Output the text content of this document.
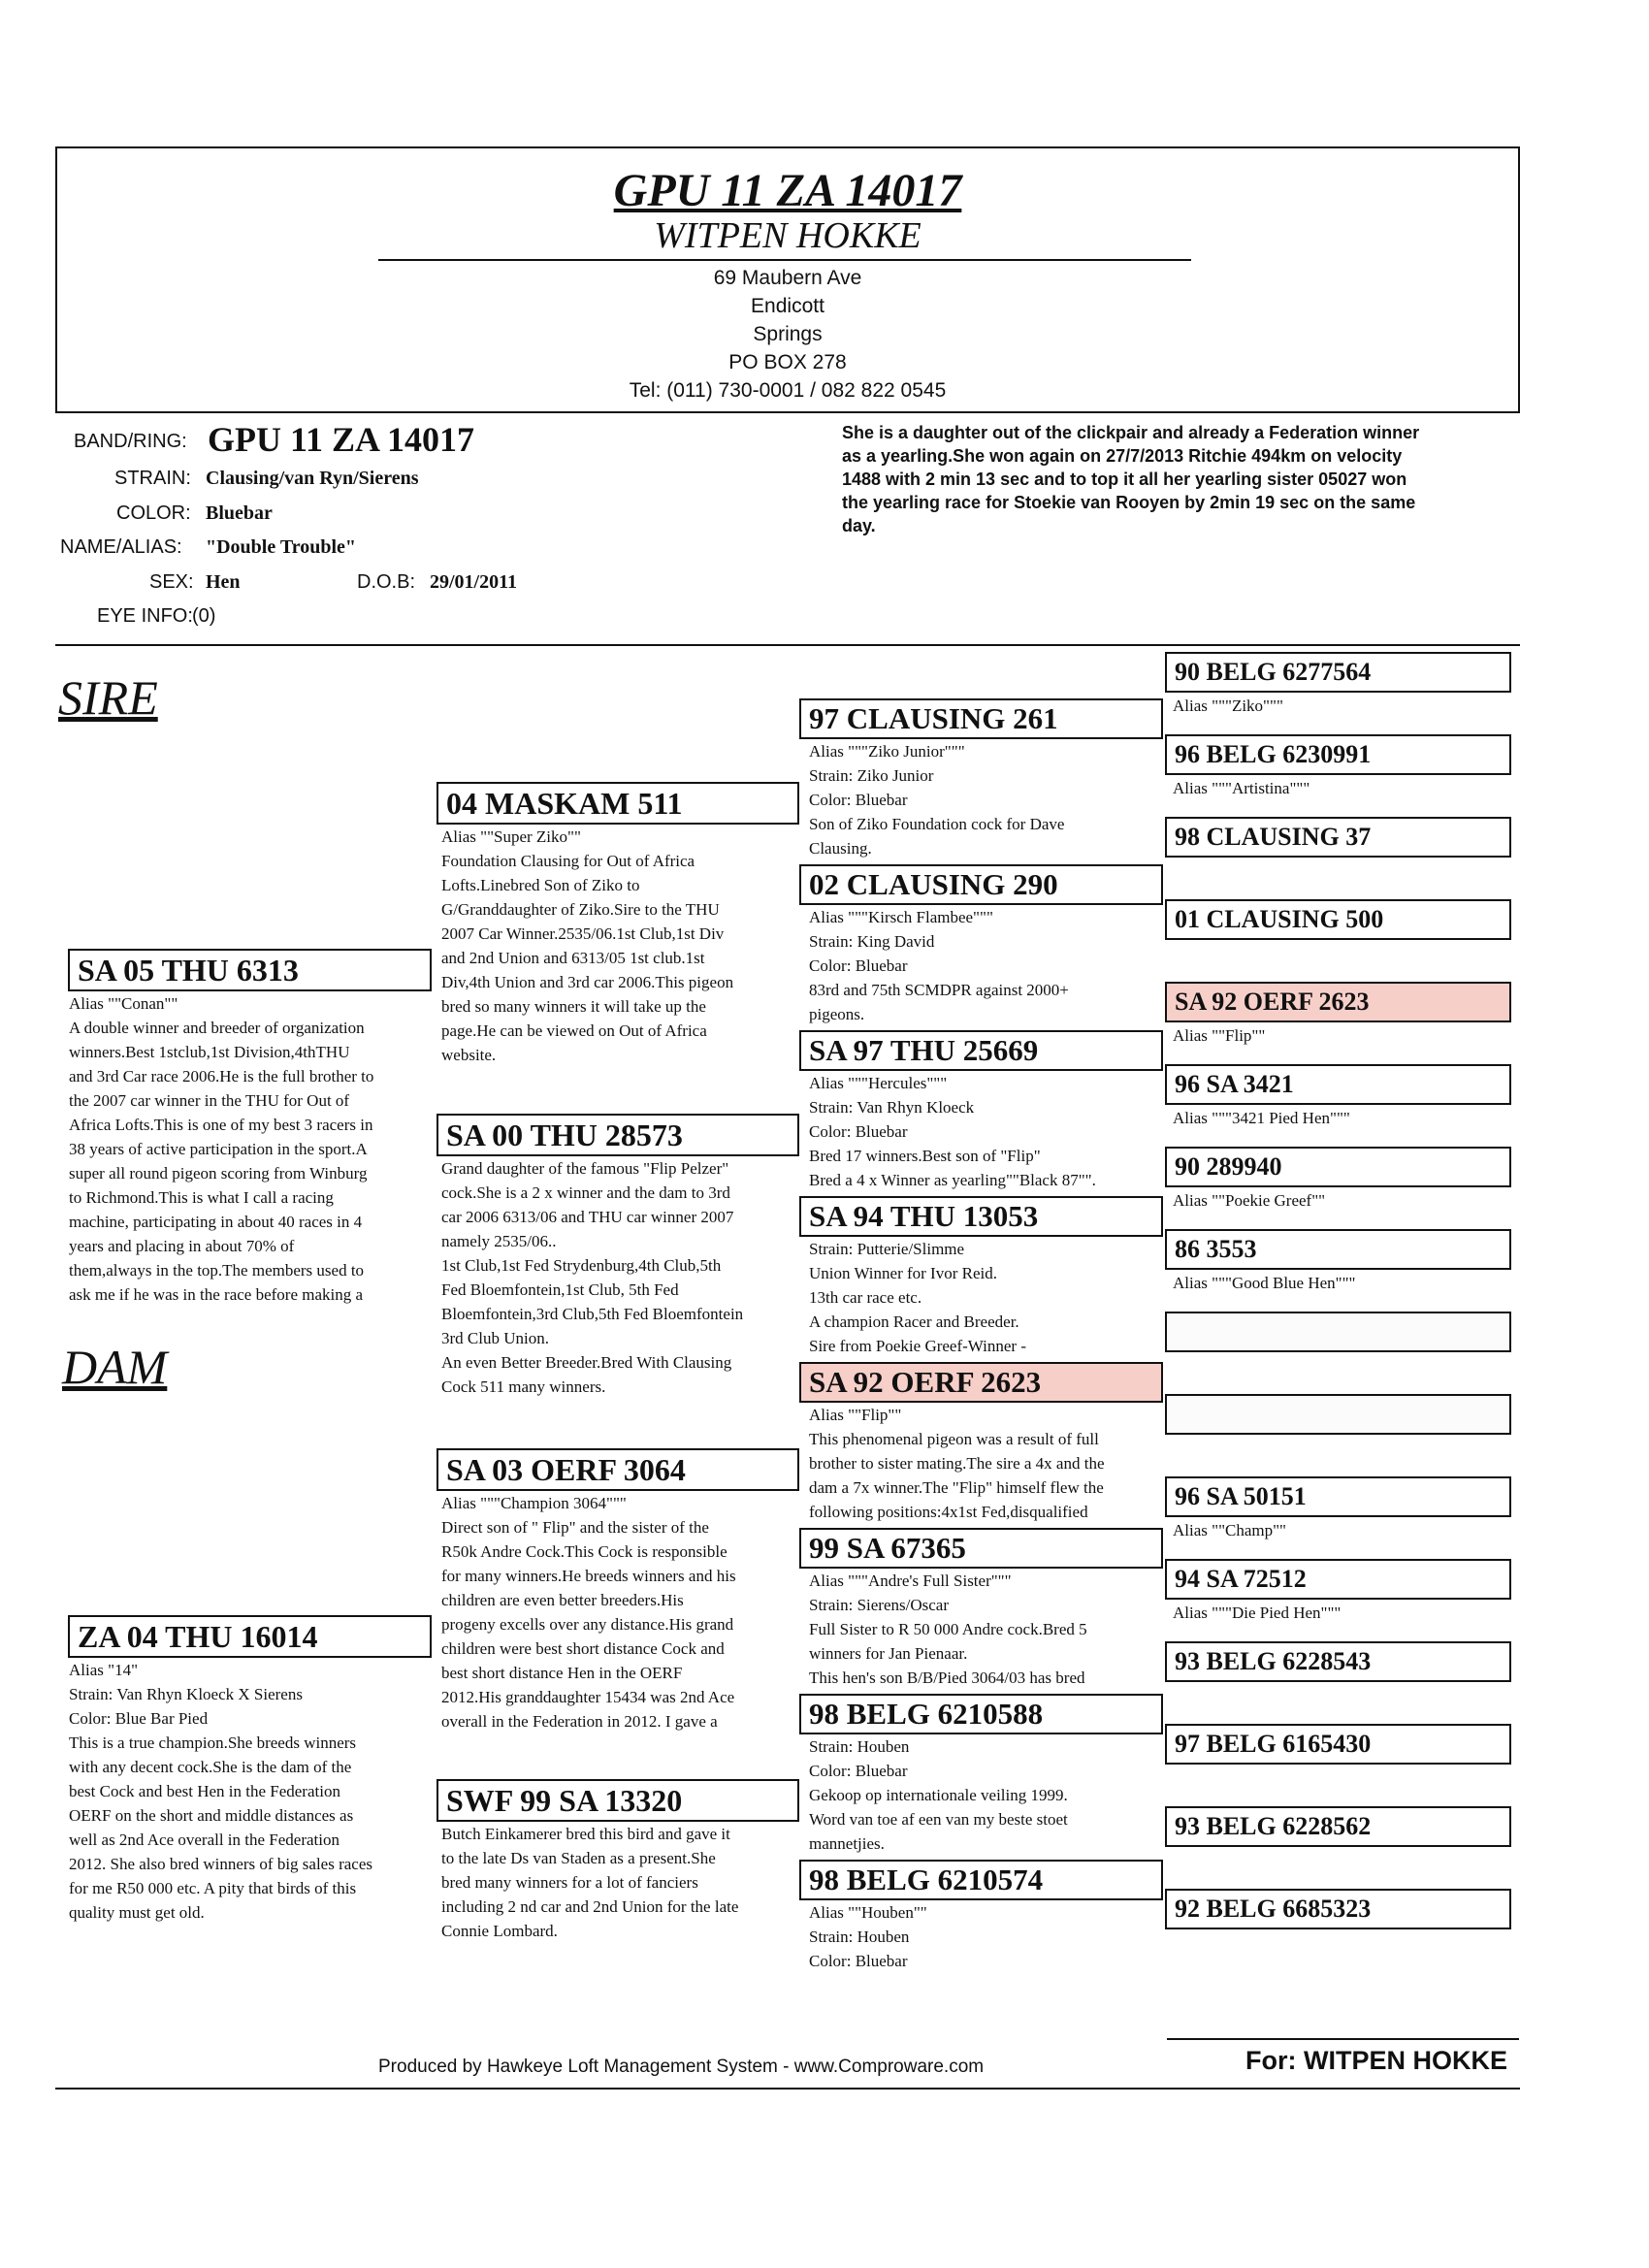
GPU 11 ZA 14017
WITPEN HOKKE
69 Maubern Ave
Endicott
Springs
PO BOX 278
Tel: (011) 730-0001 / 082 822 0545
BAND/RING: GPU 11 ZA 14017
STRAIN: Clausing/van Ryn/Sierens
COLOR: Bluebar
NAME/ALIAS: "Double Trouble"
SEX: Hen	D.O.B: 29/01/2011
EYE INFO: (0)
She is a daughter out of the clickpair and already a Federation winner
as a yearling.She won again on 27/7/2013 Ritchie 494km on velocity
1488 with 2 min 13 sec and to top it all her yearling sister 05027 won
the yearling race for Stoekie van Rooyen by 2min 19 sec on the same
day.
SIRE
DAM
SA 05 THU 6313
Alias ""Conan""
A double winner and breeder of organization
winners.Best 1stclub,1st Division,4thTHU
and 3rd Car race 2006.He is the full brother to
the 2007 car winner in the THU for Out of
Africa Lofts.This is one of my best 3 racers in
38 years of active participation in the sport.A
super all round pigeon scoring from Winburg
to Richmond.This is what I call a racing
machine, participating in about 40 races in 4
years and placing in about 70% of
them,always in the top.The members used to
ask me if he was in the race before making a
ZA 04 THU 16014
Alias "14"
Strain: Van Rhyn Kloeck X Sierens
Color: Blue Bar Pied
This is a true champion.She breeds winners
with any decent cock.She is the dam of the
best Cock and best Hen in the Federation
OERF on the short and middle distances as
well as 2nd Ace overall in the Federation
2012. She also bred winners of big sales races
for me R50 000 etc. A pity that birds of this
quality must get old.
04 MASKAM 511
Alias ""Super Ziko""
Foundation Clausing for Out of Africa
Lofts.Linebred Son of Ziko to
G/Granddaughter of Ziko.Sire to the THU
2007 Car Winner.2535/06.1st Club,1st Div
and 2nd Union and 6313/05 1st club.1st
Div,4th Union and 3rd car 2006.This pigeon
bred so many winners it will take up the
page.He can be viewed on Out of Africa
website.
SA 00 THU 28573
Grand daughter of the famous "Flip Pelzer"
cock.She is a 2 x winner and the dam to 3rd
car 2006 6313/06 and THU car winner 2007
namely 2535/06..
1st Club,1st Fed Strydenburg,4th Club,5th
Fed Bloemfontein,1st Club, 5th Fed
Bloemfontein,3rd Club,5th Fed Bloemfontein
3rd Club Union.
An even Better Breeder.Bred With Clausing
Cock 511 many winners.
SA 03 OERF 3064
Alias """Champion 3064"""
Direct son of " Flip" and the sister of the
R50k Andre Cock.This Cock is responsible
for many winners.He breeds winners and his
children are even better breeders.His
progeny excells over any distance.His grand
children were best short distance Cock and
best short distance Hen in the OERF
2012.His granddaughter 15434 was 2nd Ace
overall in the Federation in 2012. I gave a
SWF 99 SA 13320
Butch Einkamerer bred this bird and gave it
to the late Ds van Staden as a present.She
bred many winners for a lot of fanciers
including 2 nd car and 2nd Union for the late
Connie Lombard.
97 CLAUSING 261
Alias """Ziko Junior"""
Strain: Ziko Junior
Color: Bluebar
Son of Ziko Foundation cock for Dave
Clausing.
02 CLAUSING 290
Alias """Kirsch Flambee"""
Strain: King David
Color: Bluebar
83rd and 75th SCMDPR against 2000+
pigeons.
SA 97 THU 25669
Alias """Hercules"""
Strain: Van Rhyn Kloeck
Color: Bluebar
Bred 17 winners.Best son of "Flip"
Bred a 4 x Winner as yearling""Black 87"".
SA 94 THU 13053
Strain: Putterie/Slimme
Union Winner for Ivor Reid.
13th car race etc.
A champion Racer and Breeder.
Sire from Poekie Greef-Winner -
SA 92 OERF 2623
Alias ""Flip""
This phenomenal pigeon was a result of full
brother to sister mating.The sire a 4x and the
dam a 7x winner.The "Flip" himself flew the
following positions:4x1st Fed,disqualified
99 SA 67365
Alias """Andre's Full Sister"""
Strain: Sierens/Oscar
Full Sister to R 50 000 Andre cock.Bred 5
winners for Jan Pienaar.
This hen's son B/B/Pied 3064/03 has bred
98 BELG 6210588
Strain: Houben
Color: Bluebar
Gekoop op internationale veiling 1999.
Word van toe af een van my beste stoet
mannetjies.
98 BELG 6210574
Alias ""Houben""
Strain: Houben
Color: Bluebar
90 BELG 6277564
Alias """Ziko"""
96 BELG 6230991
Alias """Artistina"""
98 CLAUSING 37
01 CLAUSING 500
SA 92 OERF 2623
Alias ""Flip""
96 SA 3421
Alias """3421 Pied Hen"""
90 289940
Alias ""Poekie Greef""
86 3553
Alias """Good Blue Hen"""
96 SA 50151
Alias ""Champ""
94 SA 72512
Alias """Die Pied Hen"""
93 BELG 6228543
97 BELG 6165430
93 BELG 6228562
92 BELG 6685323
Produced by Hawkeye Loft Management System - www.Comproware.com	For: WITPEN HOKKE
